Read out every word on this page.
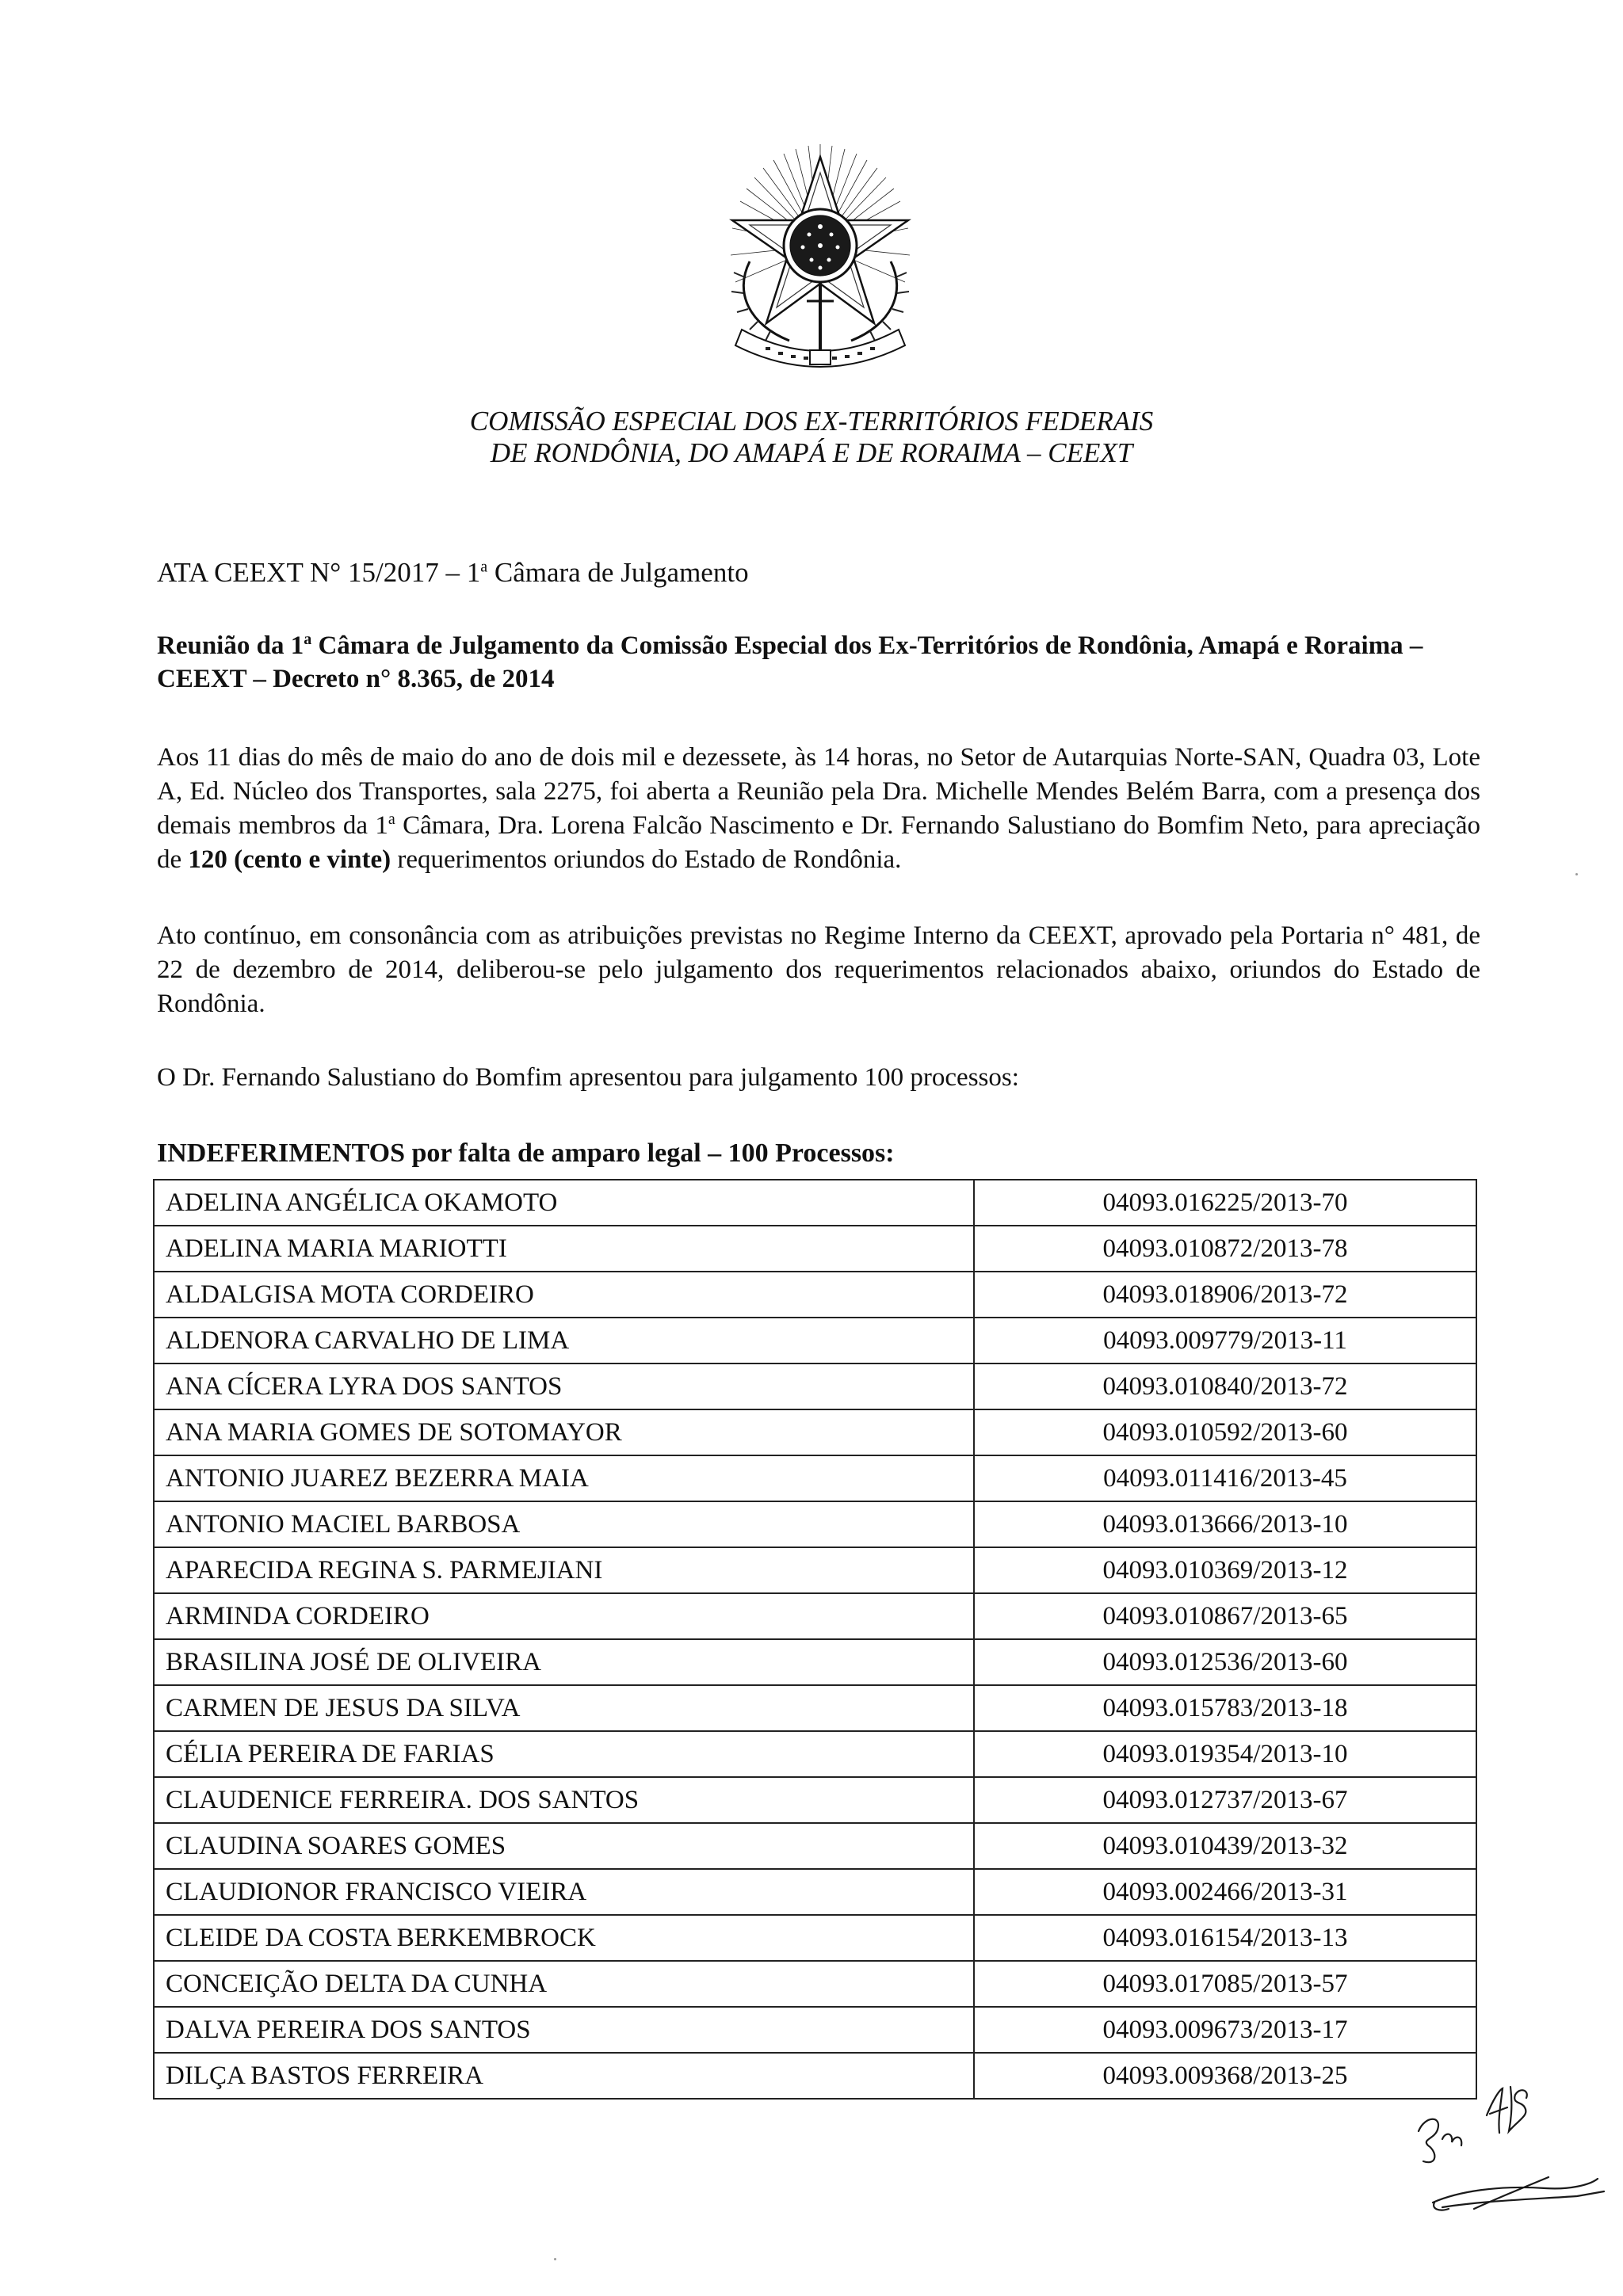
COMISSÃO ESPECIAL DOS EX-TERRITÓRIOS FEDERAIS
DE RONDÔNIA, DO AMAPÁ E DE RORAIMA – CEEXT
ATA CEEXT N° 15/2017 – 1$^a$ Câmara de Julgamento
Reunião da 1$^a$ Câmara de Julgamento da Comissão Especial dos Ex-Territórios de Rondônia, Amapá e Roraima – CEEXT – Decreto n° 8.365, de 2014
Aos 11 dias do mês de maio do ano de dois mil e dezessete, às 14 horas, no Setor de Autarquias Norte-SAN, Quadra 03, Lote A, Ed. Núcleo dos Transportes, sala 2275, foi aberta a Reunião pela Dra. Michelle Mendes Belém Barra, com a presença dos demais membros da 1$^a$ Câmara, Dra. Lorena Falcão Nascimento e Dr. Fernando Salustiano do Bomfim Neto, para apreciação de 120 (cento e vinte) requerimentos oriundos do Estado de Rondônia.
Ato contínuo, em consonância com as atribuições previstas no Regime Interno da CEEXT, aprovado pela Portaria n° 481, de 22 de dezembro de 2014, deliberou-se pelo julgamento dos requerimentos relacionados abaixo, oriundos do Estado de Rondônia.
O Dr. Fernando Salustiano do Bomfim apresentou para julgamento 100 processos:
INDEFERIMENTOS por falta de amparo legal – 100 Processos:
ADELINA ANGÉLICA OKAMOTO	04093.016225/2013-70
ADELINA MARIA MARIOTTI	04093.010872/2013-78
ALDALGISA MOTA CORDEIRO	04093.018906/2013-72
ALDENORA CARVALHO DE LIMA	04093.009779/2013-11
ANA CÍCERA LYRA DOS SANTOS	04093.010840/2013-72
ANA MARIA GOMES DE SOTOMAYOR	04093.010592/2013-60
ANTONIO JUAREZ BEZERRA MAIA	04093.011416/2013-45
ANTONIO MACIEL BARBOSA	04093.013666/2013-10
APARECIDA REGINA S. PARMEJIANI	04093.010369/2013-12
ARMINDA CORDEIRO	04093.010867/2013-65
BRASILINA JOSÉ DE OLIVEIRA	04093.012536/2013-60
CARMEN DE JESUS DA SILVA	04093.015783/2013-18
CÉLIA PEREIRA DE FARIAS	04093.019354/2013-10
CLAUDENICE FERREIRA. DOS SANTOS	04093.012737/2013-67
CLAUDINA SOARES GOMES	04093.010439/2013-32
CLAUDIONOR FRANCISCO VIEIRA	04093.002466/2013-31
CLEIDE DA COSTA BERKEMBROCK	04093.016154/2013-13
CONCEIÇÃO DELTA DA CUNHA	04093.017085/2013-57
DALVA PEREIRA DOS SANTOS	04093.009673/2013-17
DILÇA BASTOS FERREIRA	04093.009368/2013-25
